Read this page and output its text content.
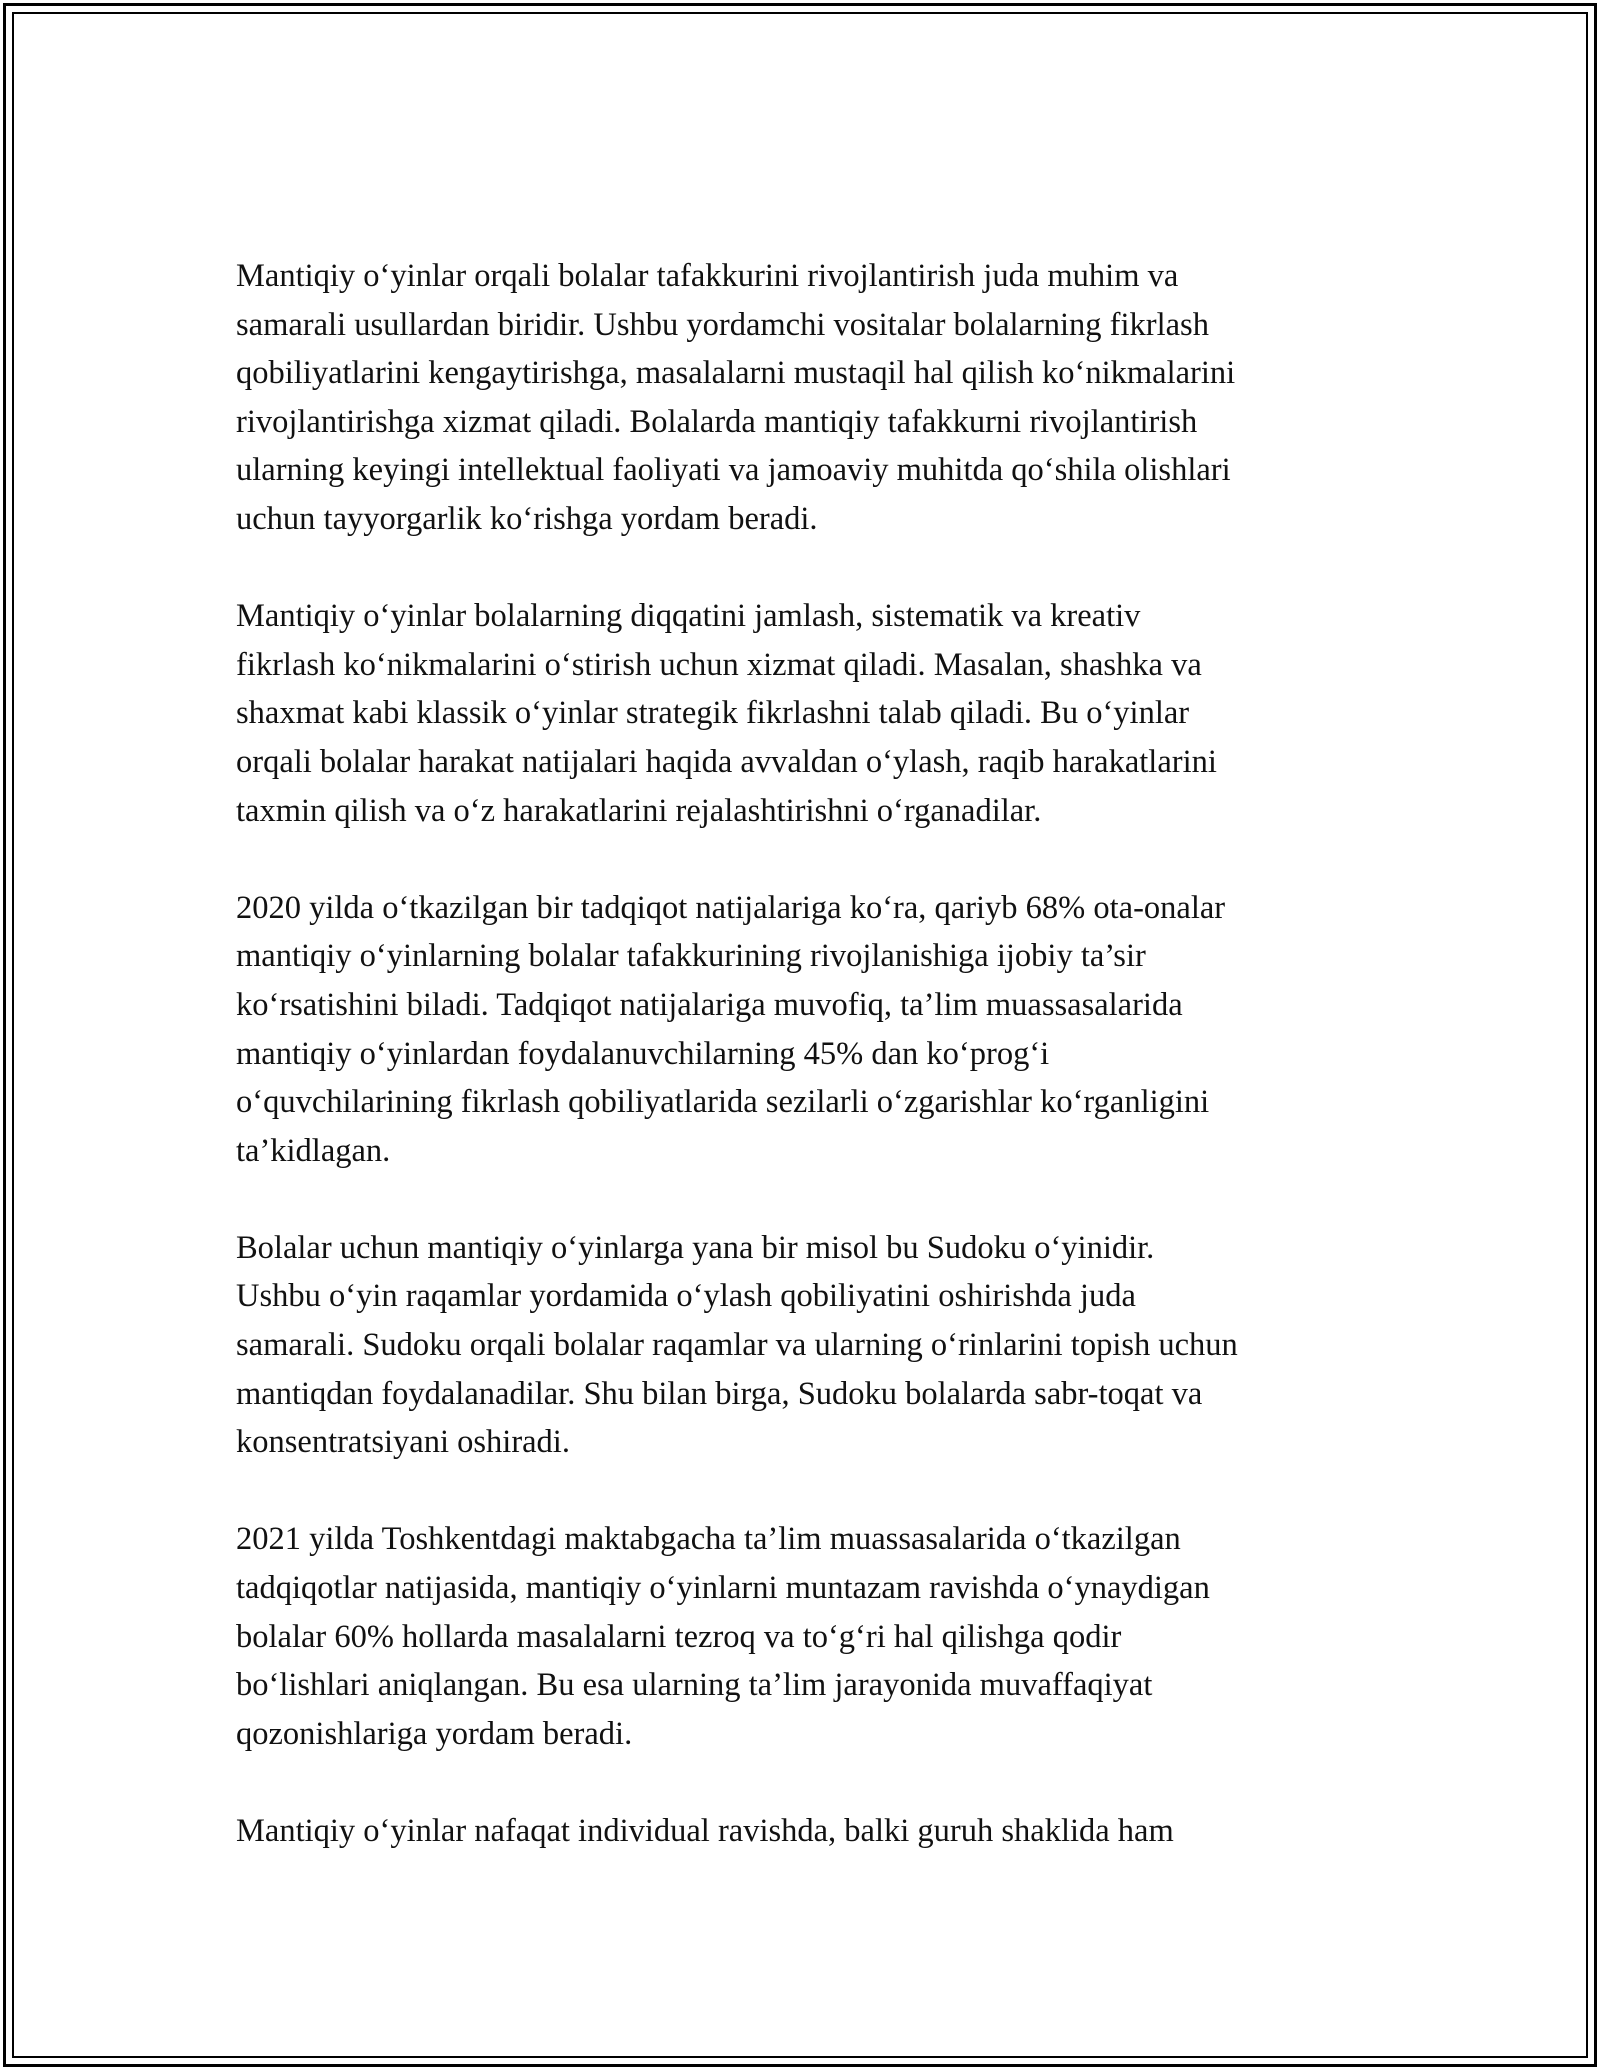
Mantiqiy o‘yinlar orqali bolalar tafakkurini rivojlantirish juda muhim va
samarali usullardan biridir. Ushbu yordamchi vositalar bolalarning fikrlash
qobiliyatlarini kengaytirishga, masalalarni mustaqil hal qilish ko‘nikmalarini
rivojlantirishga xizmat qiladi. Bolalarda mantiqiy tafakkurni rivojlantirish
ularning keyingi intellektual faoliyati va jamoaviy muhitda qo‘shila olishlari
uchun tayyorgarlik ko‘rishga yordam beradi.

Mantiqiy o‘yinlar bolalarning diqqatini jamlash, sistematik va kreativ
fikrlash ko‘nikmalarini o‘stirish uchun xizmat qiladi. Masalan, shashka va
shaxmat kabi klassik o‘yinlar strategik fikrlashni talab qiladi. Bu o‘yinlar
orqali bolalar harakat natijalari haqida avvaldan o‘ylash, raqib harakatlarini
taxmin qilish va o‘z harakatlarini rejalashtirishni o‘rganadilar.

2020 yilda o‘tkazilgan bir tadqiqot natijalariga ko‘ra, qariyb 68% ota-onalar
mantiqiy o‘yinlarning bolalar tafakkurining rivojlanishiga ijobiy ta’sir
ko‘rsatishini biladi. Tadqiqot natijalariga muvofiq, ta’lim muassasalarida
mantiqiy o‘yinlardan foydalanuvchilarning 45% dan ko‘prog‘i
o‘quvchilarining fikrlash qobiliyatlarida sezilarli o‘zgarishlar ko‘rganligini
ta’kidlagan.

Bolalar uchun mantiqiy o‘yinlarga yana bir misol bu Sudoku o‘yinidir.
Ushbu o‘yin raqamlar yordamida o‘ylash qobiliyatini oshirishda juda
samarali. Sudoku orqali bolalar raqamlar va ularning o‘rinlarini topish uchun
mantiqdan foydalanadilar. Shu bilan birga, Sudoku bolalarda sabr-toqat va
konsentratsiyani oshiradi.

2021 yilda Toshkentdagi maktabgacha ta’lim muassasalarida o‘tkazilgan
tadqiqotlar natijasida, mantiqiy o‘yinlarni muntazam ravishda o‘ynaydigan
bolalar 60% hollarda masalalarni tezroq va to‘g‘ri hal qilishga qodir
bo‘lishlari aniqlangan. Bu esa ularning ta’lim jarayonida muvaffaqiyat
qozonishlariga yordam beradi.

Mantiqiy o‘yinlar nafaqat individual ravishda, balki guruh shaklida ham
